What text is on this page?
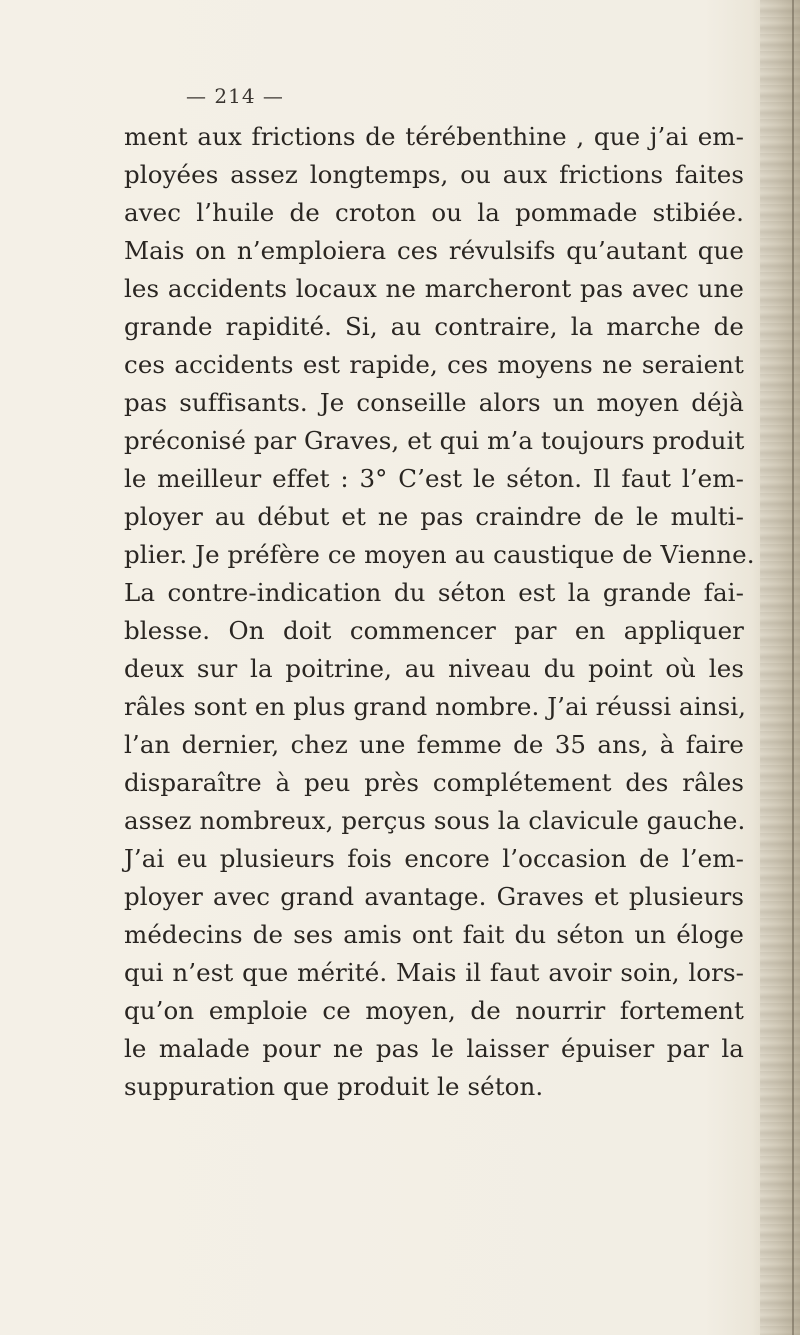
— 214 —
ment aux frictions de térébenthine , que j’ai em-
ployées assez longtemps, ou aux frictions faites
avec l’huile de croton ou la pommade stibiée.
Mais on n’emploiera ces révulsifs qu’autant que
les accidents locaux ne marcheront pas avec une
grande rapidité. Si, au contraire, la marche de
ces accidents est rapide, ces moyens ne seraient
pas suffisants. Je conseille alors un moyen déjà
préconisé par Graves, et qui m’a toujours produit
le meilleur effet : 3° C’est le séton. Il faut l’em-
ployer au début et ne pas craindre de le multi-
plier. Je préfère ce moyen au caustique de Vienne.
La contre-indication du séton est la grande fai-
blesse. On doit commencer par en appliquer
deux sur la poitrine, au niveau du point où les
râles sont en plus grand nombre. J’ai réussi ainsi,
l’an dernier, chez une femme de 35 ans, à faire
disparaître à peu près complétement des râles
assez nombreux, perçus sous la clavicule gauche.
J’ai eu plusieurs fois encore l’occasion de l’em-
ployer avec grand avantage. Graves et plusieurs
médecins de ses amis ont fait du séton un éloge
qui n’est que mérité. Mais il faut avoir soin, lors-
qu’on emploie ce moyen, de nourrir fortement
le malade pour ne pas le laisser épuiser par la
suppuration que produit le séton.
